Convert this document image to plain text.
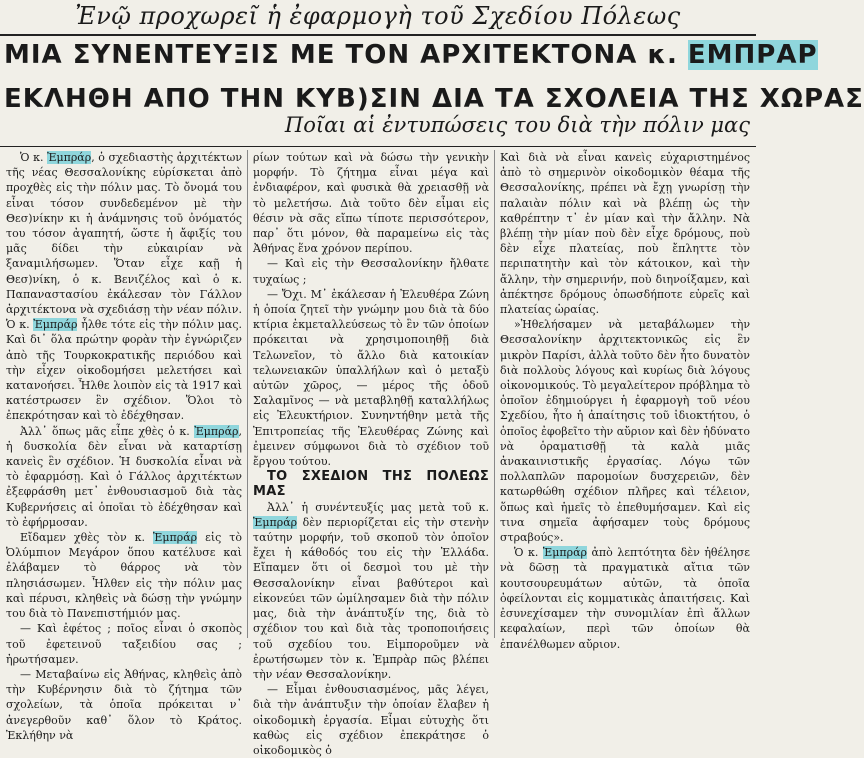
Ἐνῷ προχωρεῖ ἡ ἐφαρμογὴ τοῦ Σχεδίου Πόλεως
ΜΙΑ ΣΥΝΕΝΤΕΥΞΙΣ ΜΕ ΤΟΝ ΑΡΧΙΤΕΚΤΟΝΑ κ. ΕΜΠΡΑΡ
ΕΚΛΗΘΗ ΑΠΟ ΤΗΝ ΚΥΒ)ΣΙΝ ΔΙΑ ΤΑ ΣΧΟΛΕΙΑ ΤΗΣ ΧΩΡΑΣ
Ποῖαι αἱ ἐντυπώσεις του διὰ τὴν πόλιν μας

Ὁ κ. Ἐμπράρ, ὁ σχεδιαστὴς ἀρχιτέκτων τῆς νέας Θεσσαλονίκης εὑρίσκεται ἀπὸ προχθὲς εἰς τὴν πόλιν μας. Τὸ ὄνομά του εἶναι τόσον συνδεδεμένον μὲ τὴν Θεσ)νίκην κι ἡ ἀνάμνησις τοῦ ὀνόματός του τόσον ἀγαπητή, ὥστε ἡ ἄφιξίς του μᾶς δίδει τὴν εὐκαιρίαν νὰ ξαναμιλήσωμεν. Ὅταν εἶχε καῇ ἡ Θεσ)νίκη, ὁ κ. Βενιζέλος καὶ ὁ κ. Παπαναστασίου ἐκάλεσαν τὸν Γάλλον ἀρχιτέκτονα νὰ σχεδιάσῃ τὴν νέαν πόλιν. Ὁ κ. Ἐμπράρ ἦλθε τότε εἰς τὴν πόλιν μας. Καὶ δι᾽ ὅλα πρώτην φορὰν τὴν ἐγνώριζεν ἀπὸ τῆς Τουρκοκρατικῆς περιόδου καὶ τὴν εἶχεν οἰκοδομήσει μελετήσει καὶ κατανοήσει. Ἦλθε λοιπὸν εἰς τὰ 1917 καὶ κατέστρωσεν ἓν σχέδιον. Ὅλοι τὸ ἐπεκρότησαν καὶ τὸ ἐδέχθησαν.

Ἀλλ᾽ ὅπως μᾶς εἶπε χθὲς ὁ κ. Ἐμπράρ, ἡ δυσκολία δὲν εἶναι νὰ καταρτίσῃ κανεὶς ἓν σχέδιον. Ἡ δυσκολία εἶναι νὰ τὸ ἐφαρμόσῃ. Καὶ ὁ Γάλλος ἀρχιτέκτων ἐξεφράσθη μετ᾽ ἐνθουσιασμοῦ διὰ τὰς Κυβερνήσεις αἱ ὁποῖαι τὸ ἐδέχθησαν καὶ τὸ ἐφήρμοσαν.

Εἴδαμεν χθὲς τὸν κ. Ἐμπράρ εἰς τὸ Ὀλύμπιον Μεγάρον ὅπου κατέλυσε καὶ ἐλάβαμεν τὸ θάρρος νὰ τὸν πλησιάσωμεν. Ἦλθεν εἰς τὴν πόλιν μας καὶ πέρυσι, κληθεὶς νὰ δώσῃ τὴν γνώμην του διὰ τὸ Πανεπιστήμιόν μας.

— Καὶ ἐφέτος ; ποῖος εἶναι ὁ σκοπὸς τοῦ ἐφετεινοῦ ταξειδίου σας ; ἠρωτήσαμεν.

— Μεταβαίνω εἰς Ἀθήνας, κληθεὶς ἀπὸ τὴν Κυβέρνησιν διὰ τὸ ζήτημα τῶν σχολείων, τὰ ὁποῖα πρόκειται ν᾽ ἀνεγερθοῦν καθ᾽ ὅλον τὸ Κράτος. Ἐκλήθην νὰ

ρίων τούτων καὶ νὰ δώσω τὴν γενικὴν μορφήν. Τὸ ζήτημα εἶναι μέγα καὶ ἐνδιαφέρον, καὶ φυσικὰ θὰ χρειασθῇ νὰ τὸ μελετήσω. Διὰ τοῦτο δὲν εἶμαι εἰς θέσιν νὰ σᾶς εἴπω τίποτε περισσότερον, παρ᾽ ὅτι μόνον, θὰ παραμείνω εἰς τὰς Ἀθήνας ἕνα χρόνον περίπου.

— Καὶ εἰς τὴν Θεσσαλονίκην ἤλθατε τυχαίως ;

— Ὄχι. Μ᾽ ἐκάλεσαν ἡ Ἐλευθέρα Ζώνη ἡ ὁποία ζητεῖ τὴν γνώμην μου διὰ τὰ δύο κτίρια ἐκμεταλλεύσεως τὸ ἓν τῶν ὁποίων πρόκειται νὰ χρησιμοποιηθῇ διὰ Τελωνεῖον, τὸ ἄλλο διὰ κατοικίαν τελωνειακῶν ὑπαλλήλων καὶ ὁ μεταξὺ αὐτῶν χῶρος, — μέρος τῆς ὁδοῦ Σαλαμῖνος — νὰ μεταβληθῇ καταλλήλως εἰς Ἐλευκτήριον. Συνηντήθην μετὰ τῆς Ἐπιτροπείας τῆς Ἐλευθέρας Ζώνης καὶ ἐμεινεν σύμφωνοι διὰ τὸ σχέδιον τοῦ ἔργου τούτου.

ΤΟ ΣΧΕΔΙΟΝ ΤΗΣ ΠΟΛΕΩΣ ΜΑΣ

Ἀλλ᾽ ἡ συνέντευξίς μας μετὰ τοῦ κ. Ἐμπράρ δὲν περιορίζεται εἰς τὴν στενὴν ταύτην μορφήν, τοῦ σκοποῦ τὸν ὁποῖον ἔχει ἡ κάθοδός του εἰς τὴν Ἑλλάδα. Εἴπαμεν ὅτι οἱ δεσμοὶ του μὲ τὴν Θεσσαλονίκην εἶναι βαθύτεροι καὶ εἰκονεύει τῶν ὡμίλησαμεν διὰ τὴν πόλιν μας, διὰ τὴν ἀνάπτυξίν της, διὰ τὸ σχέδιον του καὶ διὰ τὰς τροποποιήσεις τοῦ σχεδίου του. Εἰμπορoῦμεν νὰ ἐρωτήσωμεν τὸν κ. Ἐμπρὰρ πῶς βλέπει τὴν νέαν Θεσσαλονίκην.

— Εἶμαι ἐνθουσιασμένος, μᾶς λέγει, διὰ τὴν ἀνάπτυξιν τὴν ὁποίαν ἔλαβεν ἡ οἰκοδομικὴ ἐργασία. Εἶμαι εὐτυχὴς ὅτι καθὼς εἰς σχέδιον ἐπεκράτησε ὁ οἰκοδομικὸς ὁ

Καὶ διὰ νὰ εἶναι κανεὶς εὐχαριστημένος ἀπὸ τὸ σημερινὸν οἰκοδομικὸν θέαμα τῆς Θεσσαλονίκης, πρέπει νὰ ἔχῃ γνωρίσῃ τὴν παλαιὰν πόλιν καὶ νὰ βλέπῃ ὡς τὴν καθρέπτην τ᾽ ἐν μίαν καὶ τὴν ἄλλην. Νὰ βλέπῃ τὴν μίαν ποὺ δὲν εἶχε δρόμους, ποὺ δὲν εἶχε πλατείας, ποὺ ἔπληττε τὸν περιπατητὴν καὶ τὸν κάτοικον, καὶ τὴν ἄλλην, τὴν σημερινήν, ποὺ διηνοίξαμεν, καὶ ἀπέκτησε δρόμους ὁπωσδήποτε εὐρεῖς καὶ πλατείας ὡραίας.

»Ἠθελήσαμεν νὰ μεταβάλωμεν τὴν Θεσσαλονίκην ἀρχιτεκτονικῶς εἰς ἓν μικρὸν Παρίσι, ἀλλὰ τοῦτο δὲν ἦτο δυνατὸν διὰ πολλοὺς λόγους καὶ κυρίως διὰ λόγους οἰκονομικούς. Τὸ μεγαλείτερον πρόβλημα τὸ ὁποῖον ἐδημιούργει ἡ ἐφαρμογὴ τοῦ νέου Σχεδίου, ἦτο ἡ ἀπαίτησις τοῦ ἰδιοκτήτου, ὁ ὁποῖος ἐφοβεῖτο τὴν αὔριον καὶ δὲν ἠδύνατο νὰ ὁραματισθῇ τὰ καλὰ μιᾶς ἀνακαινιστικῆς ἐργασίας. Λόγω τῶν πολλαπλῶν παρομοίων δυσχερειῶν, δὲν κατωρθώθη σχέδιον πλῆρες καὶ τέλειον, ὅπως καὶ ἡμεῖς τὸ ἐπεθυμήσαμεν. Καὶ εἰς τινα σημεῖα ἀφήσαμεν τοὺς δρόμους στραβούς».

Ὁ κ. Ἐμπράρ ἀπὸ λεπτότητα δὲν ἠθέλησε νὰ δῶσῃ τὰ πραγματικὰ αἴτια τῶν κουτσουρευμάτων αὐτῶν, τὰ ὁποῖα ὀφείλονται εἰς κομματικὰς ἀπαιτήσεις. Καὶ ἐσυνεχίσαμεν τὴν συνομιλίαν ἐπὶ ἄλλων κεφαλαίων, περὶ τῶν ὁποίων θὰ ἐπανέλθωμεν αὔριον.
